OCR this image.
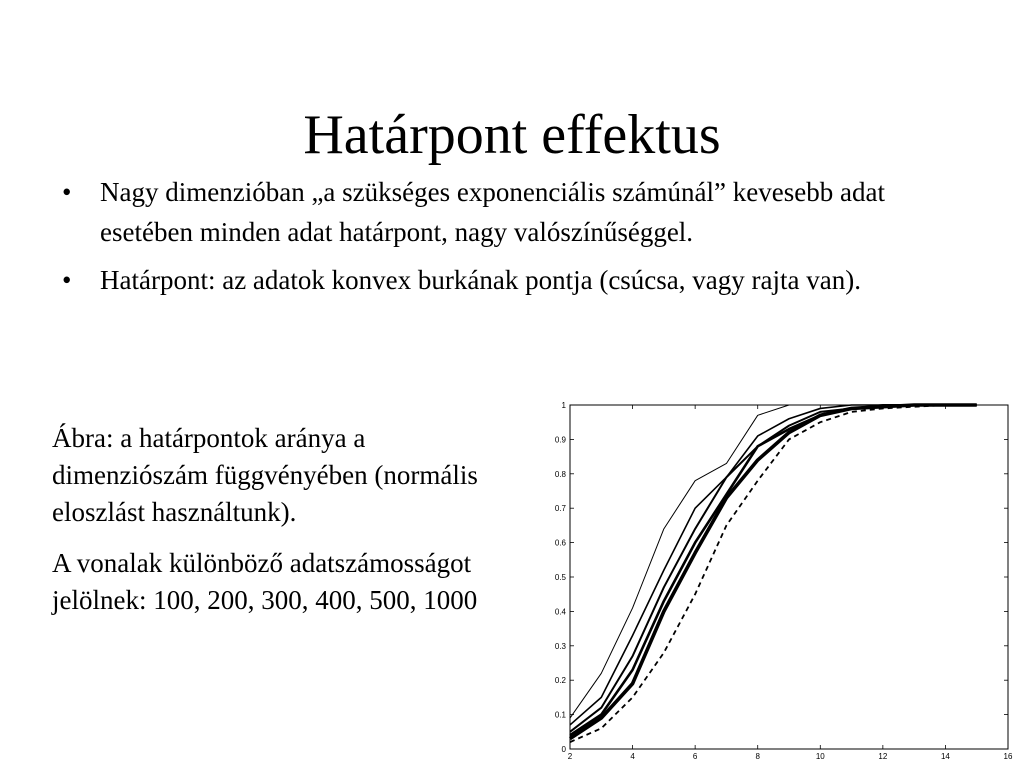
Határpont effektus
•	Nagy dimenzióban „a szükséges exponenciális számúnál” kevesebb adat esetében minden adat határpont, nagy valószínűséggel.
•	Határpont: az adatok konvex burkának pontja (csúcsa, vagy rajta van).

Ábra: a határpontok aránya a dimenziószám függvényében (normális eloszlást használtunk).

A vonalak különböző adatszámosságot jelölnek: 100, 200, 300, 400, 500, 1000

0
0.1
0.2
0.3
0.4
0.5
0.6
0.7
0.8
0.9
1
2	4	6	8	10	12	14	16
